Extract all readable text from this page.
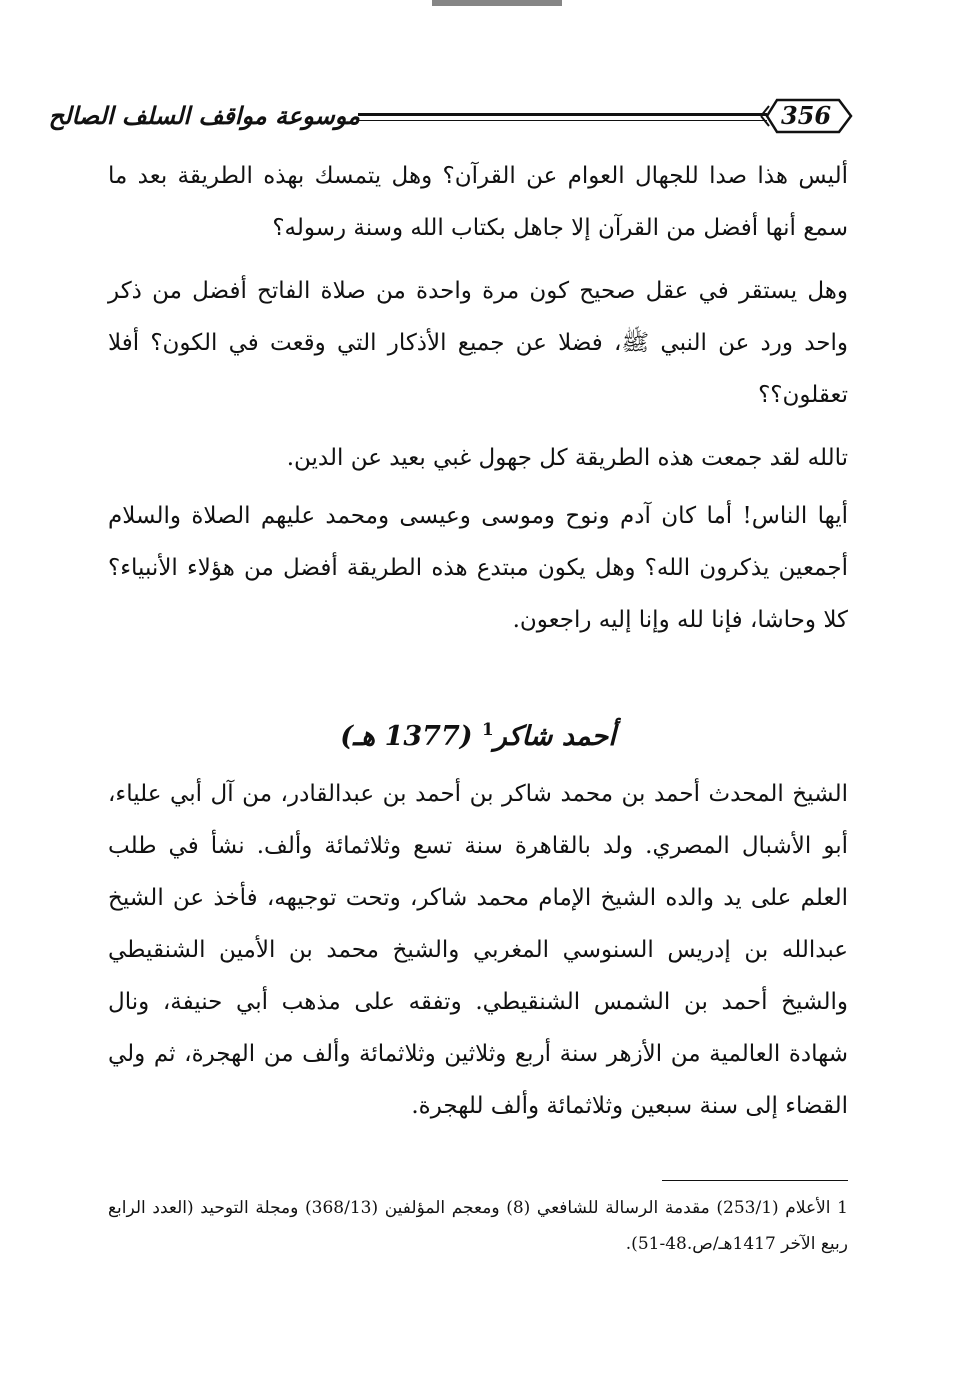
موسوعة مواقف السلف الصالح	356

أليس هذا صدا للجهال العوام عن القرآن؟ وهل يتمسك بهذه الطريقة بعد ما سمع أنها أفضل من القرآن إلا جاهل بكتاب الله وسنة رسوله؟

وهل يستقر في عقل صحيح كون مرة واحدة من صلاة الفاتح أفضل من ذكر واحد ورد عن النبي ﷺ، فضلا عن جميع الأذكار التي وقعت في الكون؟ أفلا تعقلون؟؟

تالله لقد جمعت هذه الطريقة كل جهول غبي بعيد عن الدين.

أيها الناس! أما كان آدم ونوح وموسى وعيسى ومحمد عليهم الصلاة والسلام أجمعين يذكرون الله؟ وهل يكون مبتدع هذه الطريقة أفضل من هؤلاء الأنبياء؟ كلا وحاشا، فإنا لله وإنا إليه راجعون.

أحمد شاكر$^1$ (1377 هـ)

الشيخ المحدث أحمد بن محمد شاكر بن أحمد بن عبدالقادر، من آل أبي علياء، أبو الأشبال المصري. ولد بالقاهرة سنة تسع وثلاثمائة وألف. نشأ في طلب العلم على يد والده الشيخ الإمام محمد شاكر، وتحت توجيهه، فأخذ عن الشيخ عبدالله بن إدريس السنوسي المغربي والشيخ محمد بن الأمين الشنقيطي والشيخ أحمد بن الشمس الشنقيطي. وتفقه على مذهب أبي حنيفة، ونال شهادة العالمية من الأزهر سنة أربع وثلاثين وثلاثمائة وألف من الهجرة، ثم ولي القضاء إلى سنة سبعين وثلاثمائة وألف للهجرة.

1 الأعلام (253/1) مقدمة الرسالة للشافعي (8) ومعجم المؤلفين (368/13) ومجلة التوحيد (العدد الرابع ربيع الآخر 1417هـ/ص.48-51).
